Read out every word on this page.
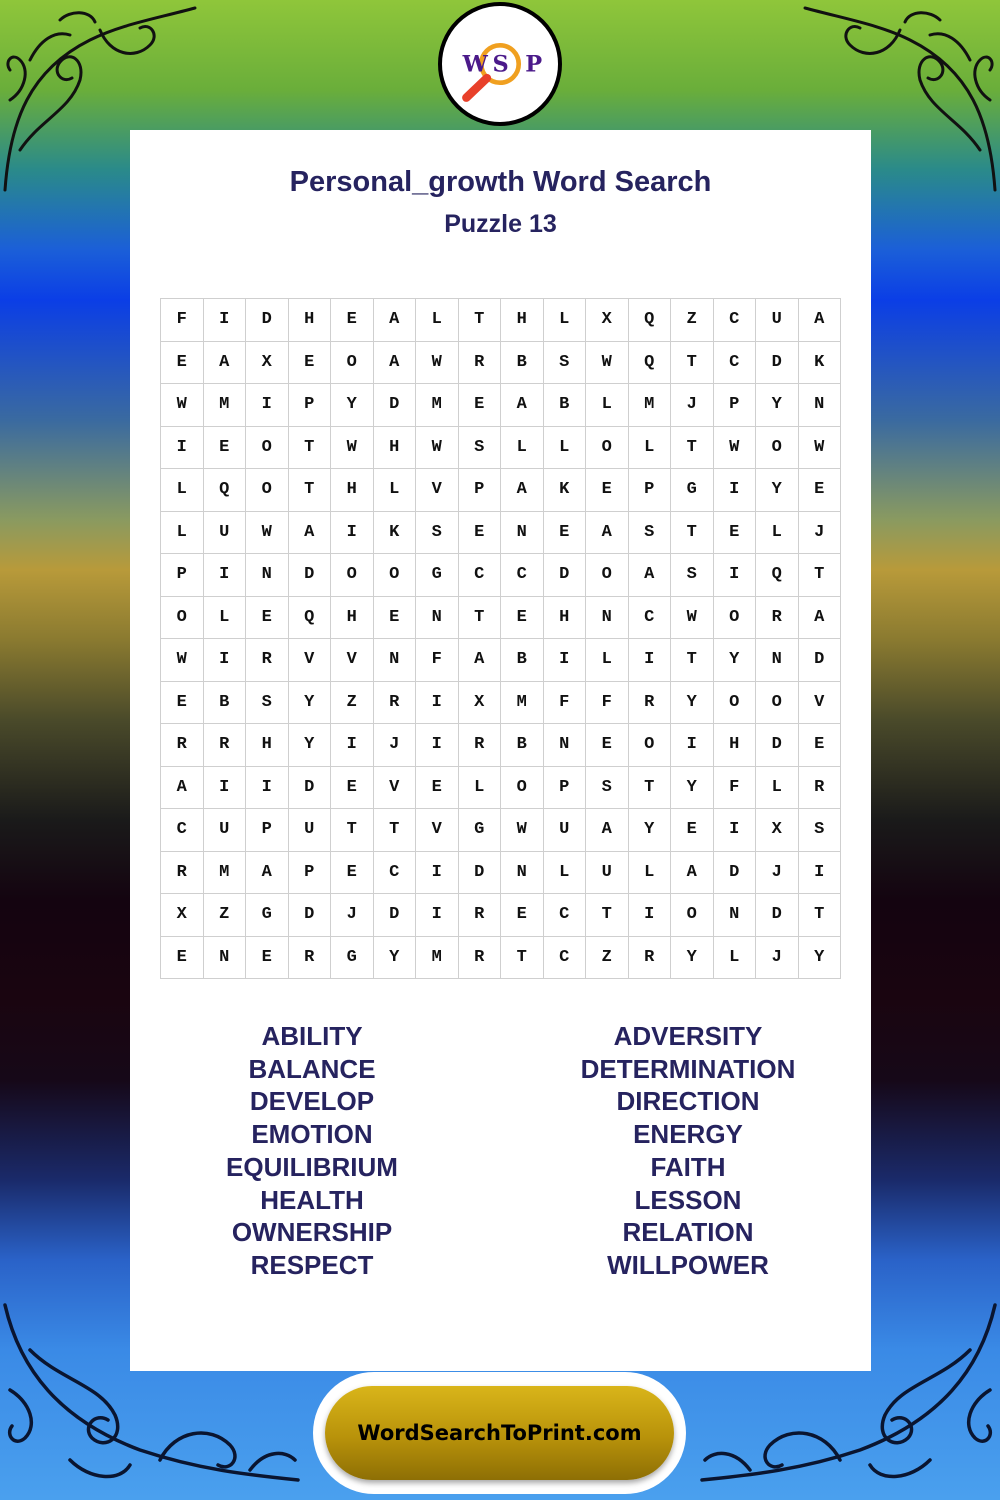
W S P
Personal_growth Word Search
Puzzle 13
F	I	D	H	E	A	L	T	H	L	X	Q	Z	C	U	A
E	A	X	E	O	A	W	R	B	S	W	Q	T	C	D	K
W	M	I	P	Y	D	M	E	A	B	L	M	J	P	Y	N
I	E	O	T	W	H	W	S	L	L	O	L	T	W	O	W
L	Q	O	T	H	L	V	P	A	K	E	P	G	I	Y	E
L	U	W	A	I	K	S	E	N	E	A	S	T	E	L	J
P	I	N	D	O	O	G	C	C	D	O	A	S	I	Q	T
O	L	E	Q	H	E	N	T	E	H	N	C	W	O	R	A
W	I	R	V	V	N	F	A	B	I	L	I	T	Y	N	D
E	B	S	Y	Z	R	I	X	M	F	F	R	Y	O	O	V
R	R	H	Y	I	J	I	R	B	N	E	O	I	H	D	E
A	I	I	D	E	V	E	L	O	P	S	T	Y	F	L	R
C	U	P	U	T	T	V	G	W	U	A	Y	E	I	X	S
R	M	A	P	E	C	I	D	N	L	U	L	A	D	J	I
X	Z	G	D	J	D	I	R	E	C	T	I	O	N	D	T
E	N	E	R	G	Y	M	R	T	C	Z	R	Y	L	J	Y
ABILITY
BALANCE
DEVELOP
EMOTION
EQUILIBRIUM
HEALTH
OWNERSHIP
RESPECT
ADVERSITY
DETERMINATION
DIRECTION
ENERGY
FAITH
LESSON
RELATION
WILLPOWER
WordSearchToPrint.com
